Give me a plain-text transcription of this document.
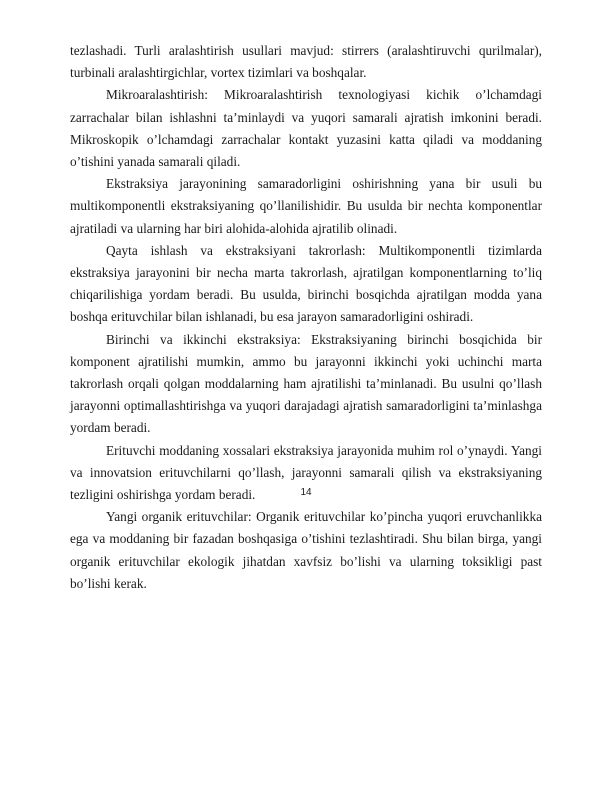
tezlashadi. Turli aralashtirish usullari mavjud: stirrers (aralashtiruvchi qurilmalar), turbinali aralashtirgichlar, vortex tizimlari va boshqalar.

Mikroaralashtirish: Mikroaralashtirish texnologiyasi kichik o’lchamdagi zarrachalar bilan ishlashni ta’minlaydi va yuqori samarali ajratish imkonini beradi. Mikroskopik o’lchamdagi zarrachalar kontakt yuzasini katta qiladi va moddaning o’tishini yanada samarali qiladi.

Ekstraksiya jarayonining samaradorligini oshirishning yana bir usuli bu multikomponentli ekstraksiyaning qo’llanilishidir. Bu usulda bir nechta komponentlar ajratiladi va ularning har biri alohida-alohida ajratilib olinadi.

Qayta ishlash va ekstraksiyani takrorlash: Multikomponentli tizimlarda ekstraksiya jarayonini bir necha marta takrorlash, ajratilgan komponentlarning to’liq chiqarilishiga yordam beradi. Bu usulda, birinchi bosqichda ajratilgan modda yana boshqa erituvchilar bilan ishlanadi, bu esa jarayon samaradorligini oshiradi.

Birinchi va ikkinchi ekstraksiya: Ekstraksiyaning birinchi bosqichida bir komponent ajratilishi mumkin, ammo bu jarayonni ikkinchi yoki uchinchi marta takrorlash orqali qolgan moddalarning ham ajratilishi ta’minlanadi. Bu usulni qo’llash jarayonni optimallashtirishga va yuqori darajadagi ajratish samaradorligini ta’minlashga yordam beradi.

Erituvchi moddaning xossalari ekstraksiya jarayonida muhim rol o’ynaydi. Yangi va innovatsion erituvchilarni qo’llash, jarayonni samarali qilish va ekstraksiyaning tezligini oshirishga yordam beradi.

Yangi organik erituvchilar: Organik erituvchilar ko’pincha yuqori eruvchanlikka ega va moddaning bir fazadan boshqasiga o’tishini tezlashtiradi. Shu bilan birga, yangi organik erituvchilar ekologik jihatdan xavfsiz bo’lishi va ularning toksikligi past bo’lishi kerak.

14
